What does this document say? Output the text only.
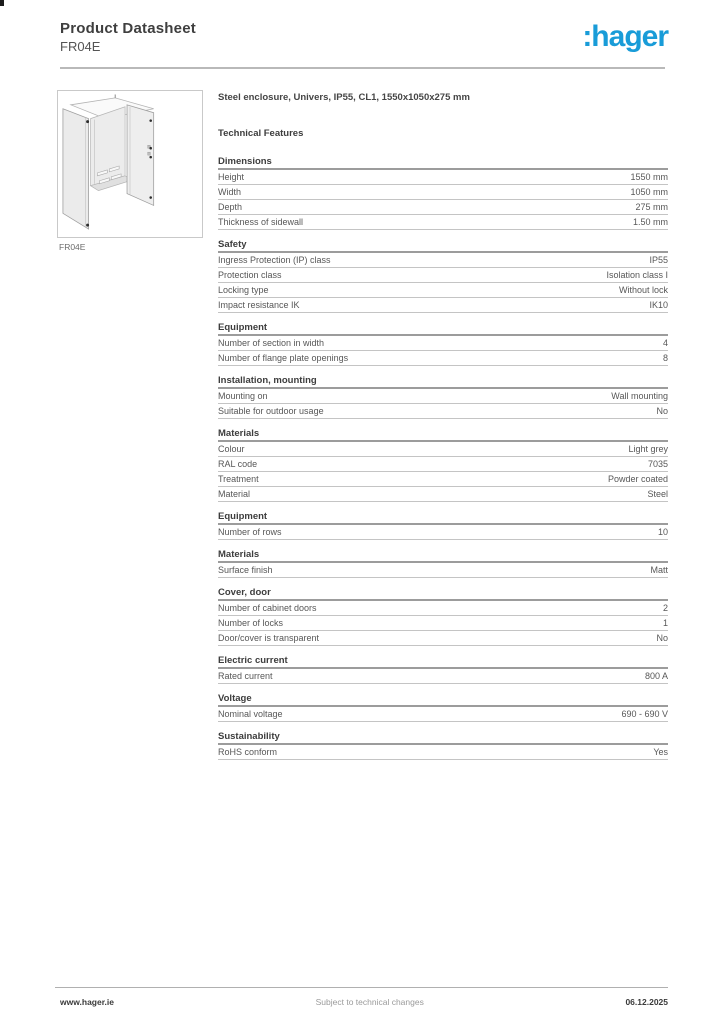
Product Datasheet
FR04E	:hager
FR04E
Steel enclosure, Univers, IP55, CL1, 1550x1050x275 mm
Technical Features
Dimensions
Height	1550 mm
Width	1050 mm
Depth	275 mm
Thickness of sidewall	1.50 mm
Safety
Ingress Protection (IP) class	IP55
Protection class	Isolation class I
Locking type	Without lock
Impact resistance IK	IK10
Equipment
Number of section in width	4
Number of flange plate openings	8
Installation, mounting
Mounting on	Wall mounting
Suitable for outdoor usage	No
Materials
Colour	Light grey
RAL code	7035
Treatment	Powder coated
Material	Steel
Equipment
Number of rows	10
Materials
Surface finish	Matt
Cover, door
Number of cabinet doors	2
Number of locks	1
Door/cover is transparent	No
Electric current
Rated current	800 A
Voltage
Nominal voltage	690 - 690 V
Sustainability
RoHS conform	Yes
www.hager.ie	Subject to technical changes	06.12.2025
